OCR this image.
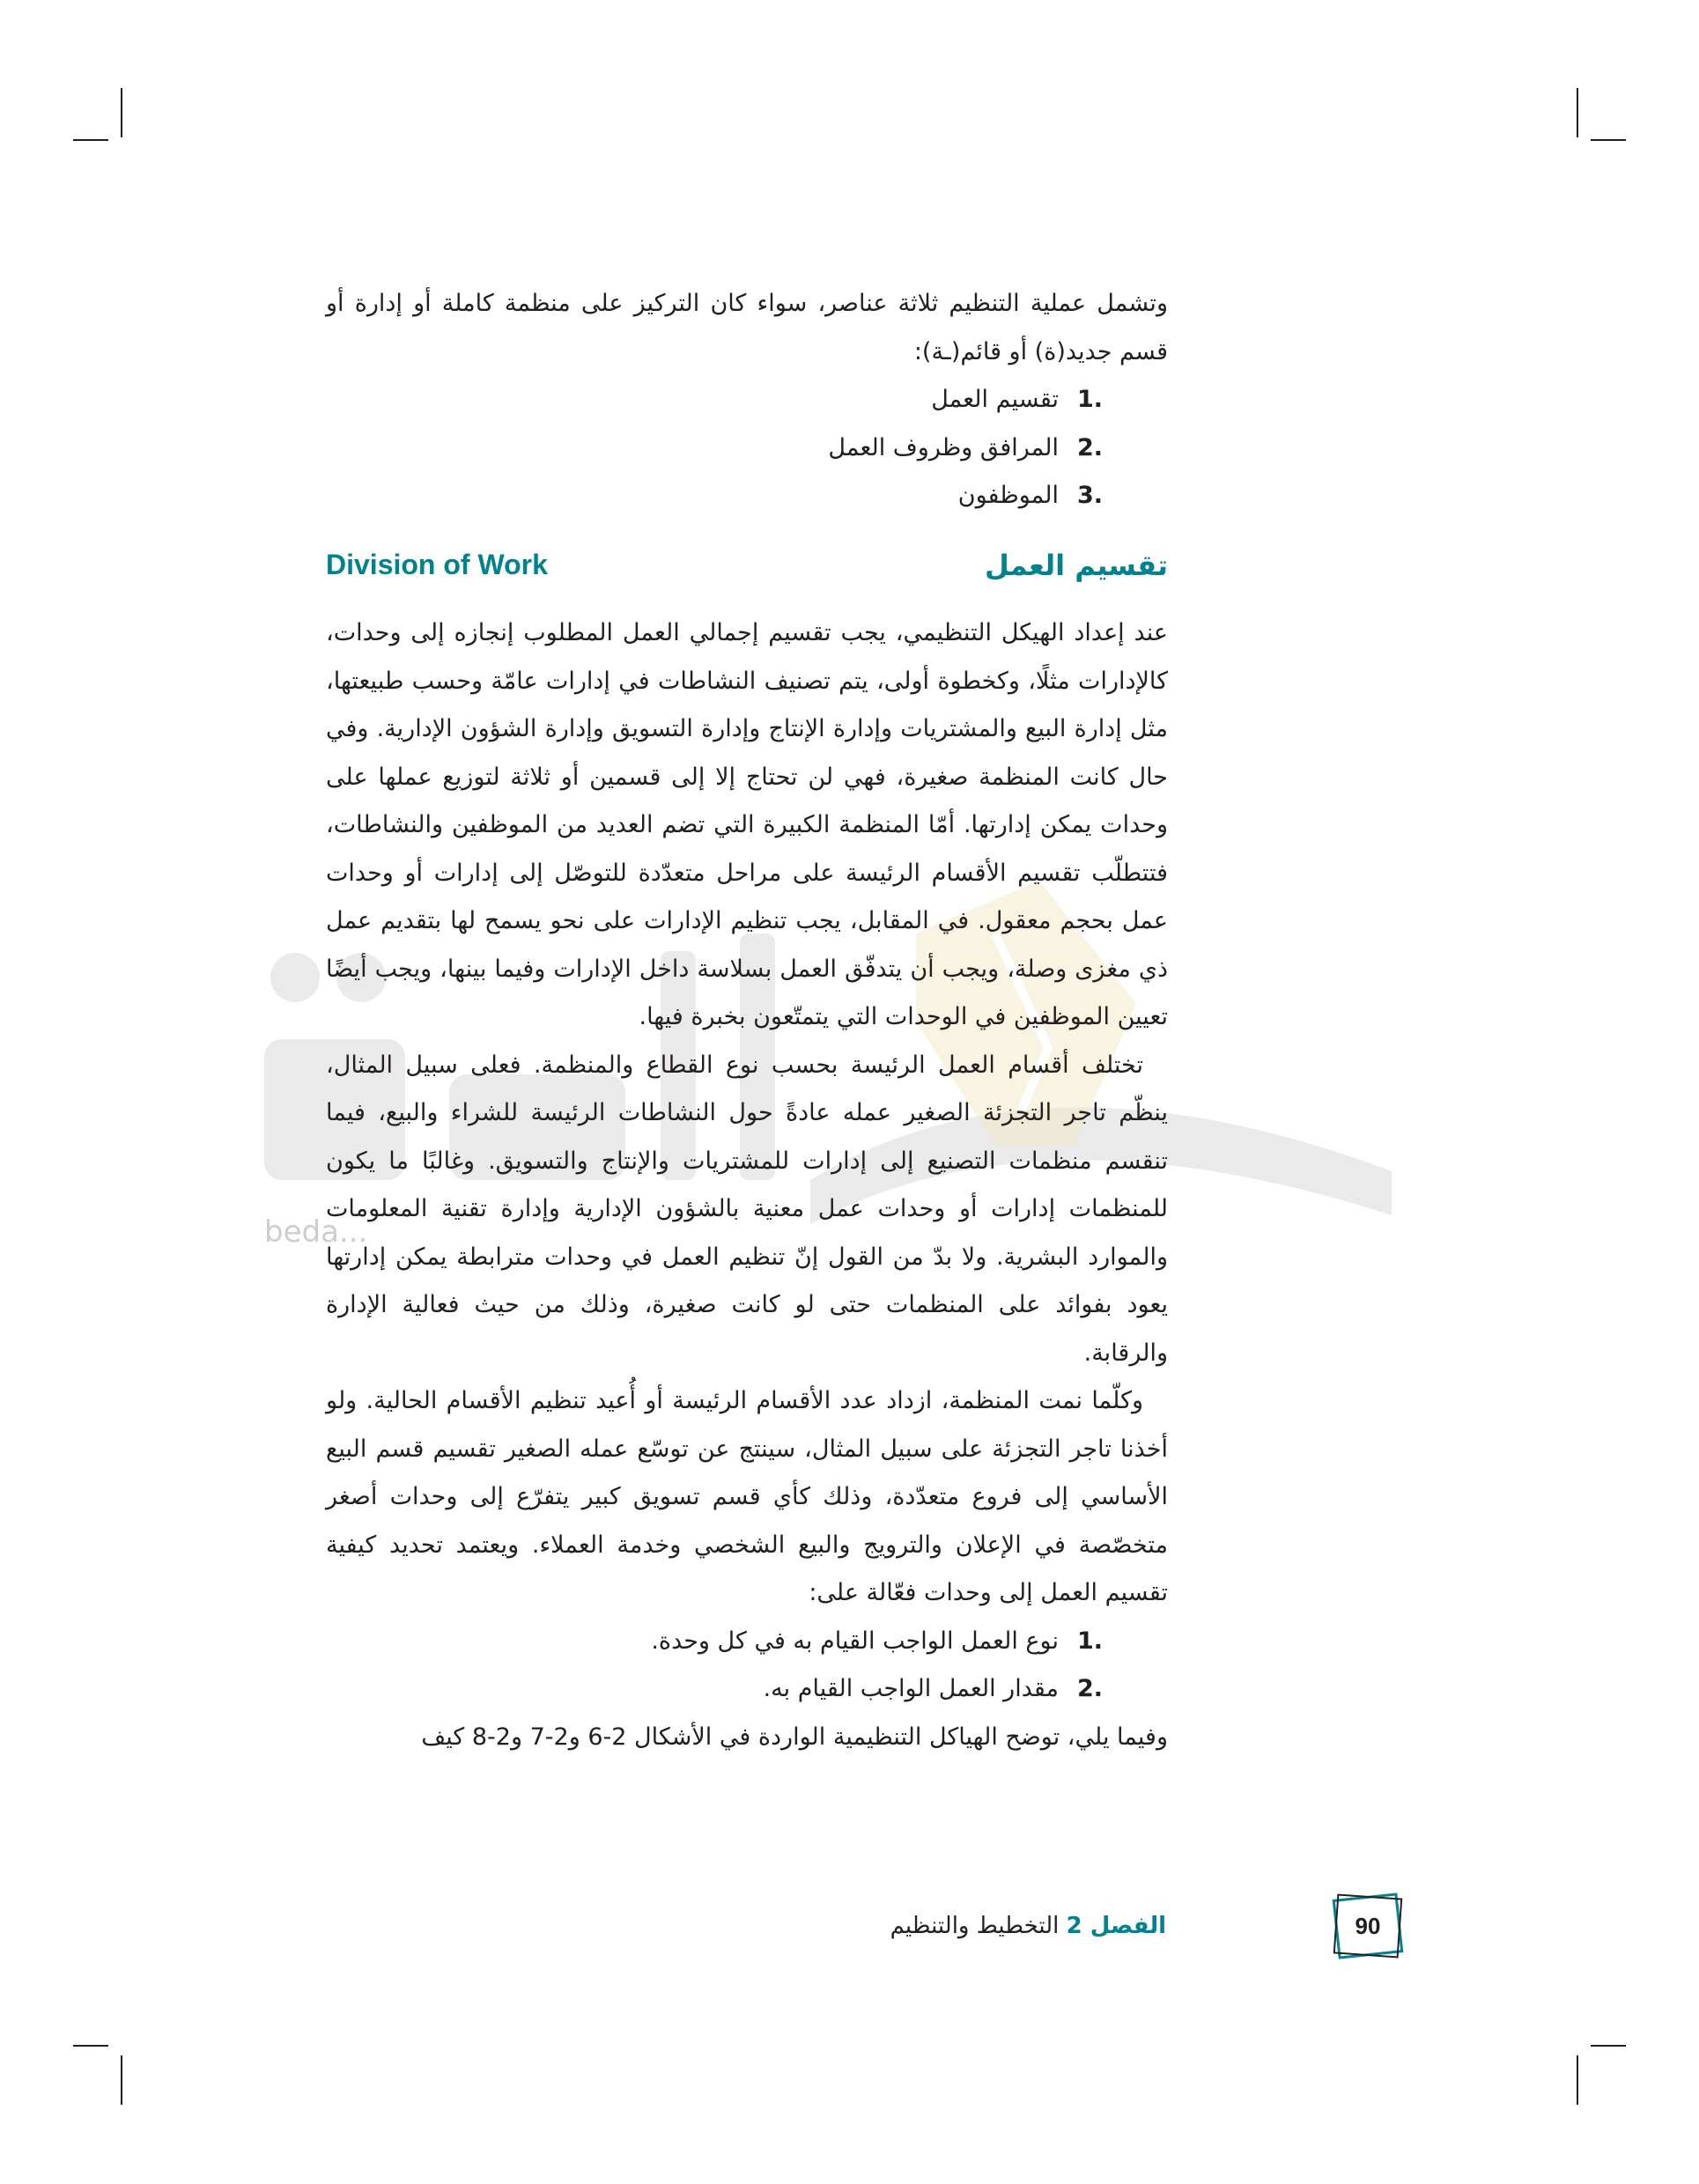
beda...

وتشمل عملية التنظيم ثلاثة عناصر، سواء كان التركيز على منظمة كاملة أو إدارة أو قسم جديد(ة) أو قائم(ـة):

1.
تقسيم العمل
2.
المرافق وظروف العمل
3.
الموظفون
تقسيم العمل
Division of Work

عند إعداد الهيكل التنظيمي، يجب تقسيم إجمالي العمل المطلوب إنجازه إلى وحدات، كالإدارات مثلًا، وكخطوة أولى، يتم تصنيف النشاطات في إدارات عامّة وحسب طبيعتها، مثل إدارة البيع والمشتريات وإدارة الإنتاج وإدارة التسويق وإدارة الشؤون الإدارية. وفي حال كانت المنظمة صغيرة، فهي لن تحتاج إلا إلى قسمين أو ثلاثة لتوزيع عملها على وحدات يمكن إدارتها. أمّا المنظمة الكبيرة التي تضم العديد من الموظفين والنشاطات، فتتطلّب تقسيم الأقسام الرئيسة على مراحل متعدّدة للتوصّل إلى إدارات أو وحدات عمل بحجم معقول. في المقابل، يجب تنظيم الإدارات على نحو يسمح لها بتقديم عمل ذي مغزى وصلة، ويجب أن يتدفّق العمل بسلاسة داخل الإدارات وفيما بينها، ويجب أيضًا تعيين الموظفين في الوحدات التي يتمتّعون بخبرة فيها.

تختلف أقسام العمل الرئيسة بحسب نوع القطاع والمنظمة. فعلى سبيل المثال، ينظّم تاجر التجزئة الصغير عمله عادةً حول النشاطات الرئيسة للشراء والبيع، فيما تنقسم منظمات التصنيع إلى إدارات للمشتريات والإنتاج والتسويق. وغالبًا ما يكون للمنظمات إدارات أو وحدات عمل معنية بالشؤون الإدارية وإدارة تقنية المعلومات والموارد البشرية. ولا بدّ من القول إنّ تنظيم العمل في وحدات مترابطة يمكن إدارتها يعود بفوائد على المنظمات حتى لو كانت صغيرة، وذلك من حيث فعالية الإدارة والرقابة.

وكلّما نمت المنظمة، ازداد عدد الأقسام الرئيسة أو أُعيد تنظيم الأقسام الحالية. ولو أخذنا تاجر التجزئة على سبيل المثال، سينتج عن توسّع عمله الصغير تقسيم قسم البيع الأساسي إلى فروع متعدّدة، وذلك كأي قسم تسويق كبير يتفرّع إلى وحدات أصغر متخصّصة في الإعلان والترويج والبيع الشخصي وخدمة العملاء. ويعتمد تحديد كيفية تقسيم العمل إلى وحدات فعّالة على:

1.
نوع العمل الواجب القيام به في كل وحدة.
2.
مقدار العمل الواجب القيام به.

وفيما يلي، توضح الهياكل التنظيمية الواردة في الأشكال 2-6 و2-7 و2-8 كيف

الفصل 2 التخطيط والتنظيم	90
